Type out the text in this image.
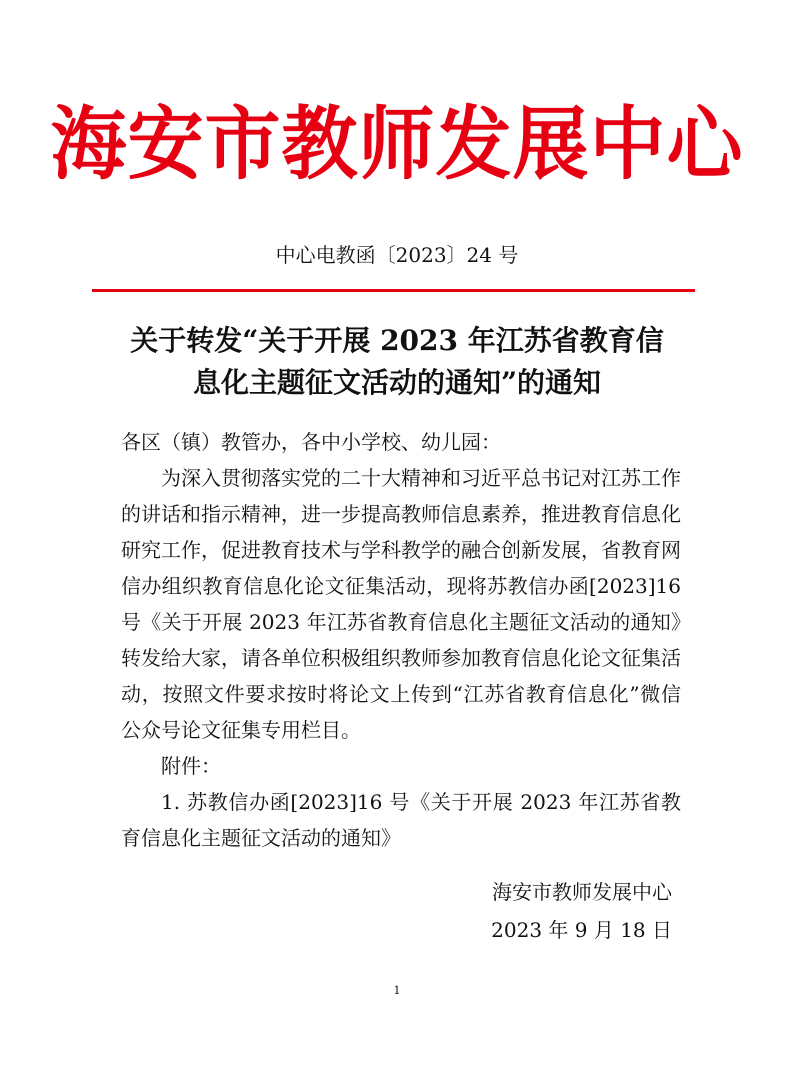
海安市教师发展中心
中心电教函〔2023〕24 号
关于转发“关于开展 2023 年江苏省教育信
息化主题征文活动的通知”的通知

各区（镇）教管办，各中小学校、幼儿园：

为深入贯彻落实党的二十大精神和习近平总书记对江苏工作的讲话和指示精神，进一步提高教师信息素养，推进教育信息化研究工作，促进教育技术与学科教学的融合创新发展，省教育网信办组织教育信息化论文征集活动，现将苏教信办函[2023]16 号《关于开展 2023 年江苏省教育信息化主题征文活动的通知》转发给大家，请各单位积极组织教师参加教育信息化论文征集活动，按照文件要求按时将论文上传到“江苏省教育信息化”微信公众号论文征集专用栏目。

附件：

1. 苏教信办函[2023]16 号《关于开展 2023 年江苏省教育信息化主题征文活动的通知》

海安市教师发展中心
2023 年 9 月 18 日
1
